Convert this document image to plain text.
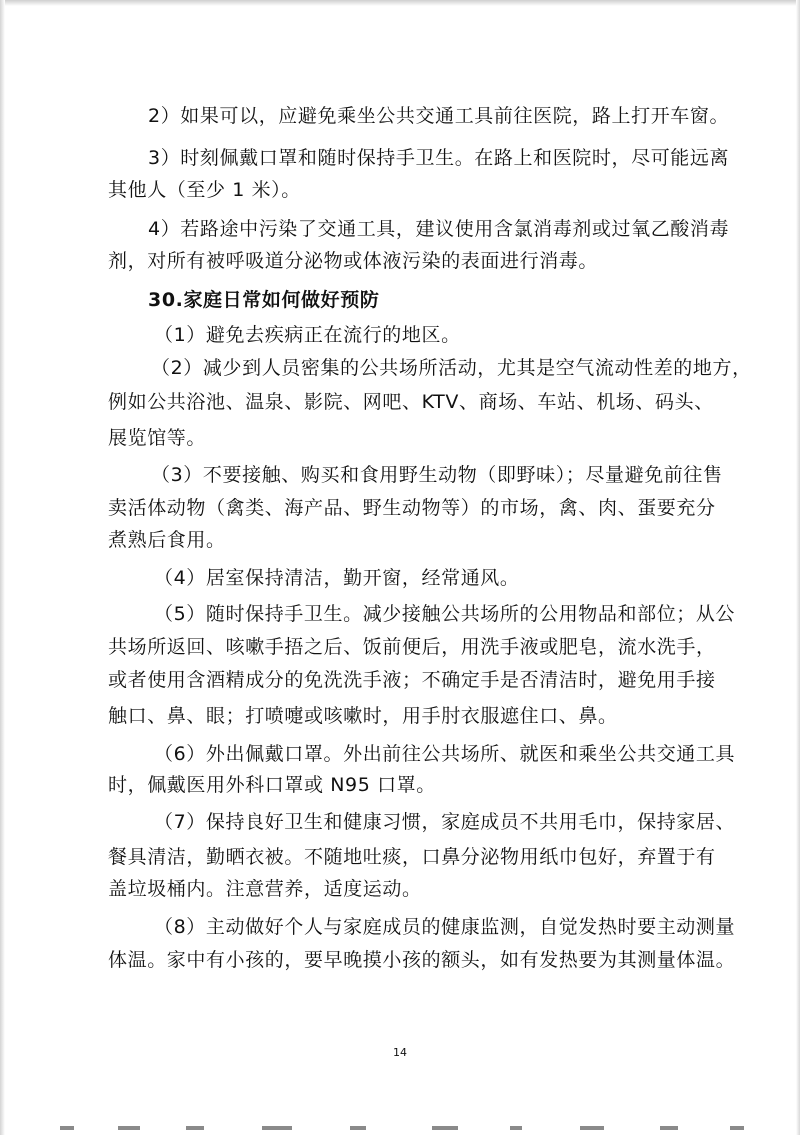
2）如果可以，应避免乘坐公共交通工具前往医院，路上打开车窗。
3）时刻佩戴口罩和随时保持手卫生。在路上和医院时，尽可能远离
其他人（至少 1 米）。
4）若路途中污染了交通工具，建议使用含氯消毒剂或过氧乙酸消毒
剂，对所有被呼吸道分泌物或体液污染的表面进行消毒。
30.家庭日常如何做好预防
（1）避免去疾病正在流行的地区。
（2）减少到人员密集的公共场所活动，尤其是空气流动性差的地方，
例如公共浴池、温泉、影院、网吧、KTV、商场、车站、机场、码头、
展览馆等。
（3）不要接触、购买和食用野生动物（即野味）；尽量避免前往售
卖活体动物（禽类、海产品、野生动物等）的市场，禽、肉、蛋要充分
煮熟后食用。
（4）居室保持清洁，勤开窗，经常通风。
（5）随时保持手卫生。减少接触公共场所的公用物品和部位；从公
共场所返回、咳嗽手捂之后、饭前便后，用洗手液或肥皂，流水洗手，
或者使用含酒精成分的免洗洗手液；不确定手是否清洁时，避免用手接
触口、鼻、眼；打喷嚏或咳嗽时，用手肘衣服遮住口、鼻。
（6）外出佩戴口罩。外出前往公共场所、就医和乘坐公共交通工具
时，佩戴医用外科口罩或 N95 口罩。
（7）保持良好卫生和健康习惯，家庭成员不共用毛巾，保持家居、
餐具清洁，勤晒衣被。不随地吐痰，口鼻分泌物用纸巾包好，弃置于有
盖垃圾桶内。注意营养，适度运动。
（8）主动做好个人与家庭成员的健康监测，自觉发热时要主动测量
体温。家中有小孩的，要早晚摸小孩的额头，如有发热要为其测量体温。
14
